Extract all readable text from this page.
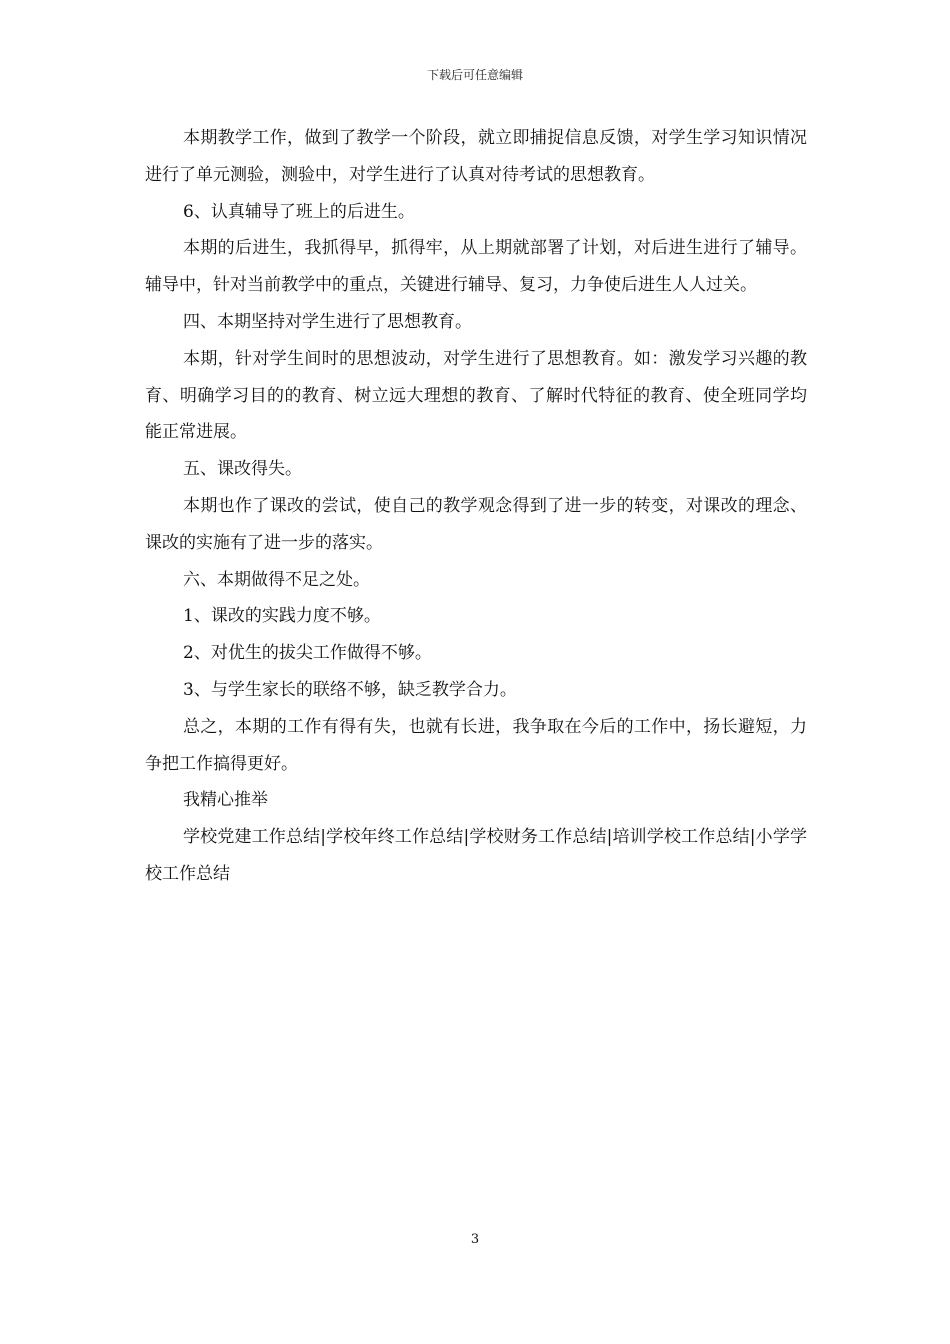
下载后可任意编辑

本期教学工作，做到了教学一个阶段，就立即捕捉信息反馈，对学生学习知识情况进行了单元测验，测验中，对学生进行了认真对待考试的思想教育。

6、认真辅导了班上的后进生。

本期的后进生，我抓得早，抓得牢，从上期就部署了计划，对后进生进行了辅导。辅导中，针对当前教学中的重点，关键进行辅导、复习，力争使后进生人人过关。

四、本期坚持对学生进行了思想教育。

本期，针对学生间时的思想波动，对学生进行了思想教育。如：激发学习兴趣的教育、明确学习目的的教育、树立远大理想的教育、了解时代特征的教育、使全班同学均能正常进展。

五、课改得失。

本期也作了课改的尝试，使自己的教学观念得到了进一步的转变，对课改的理念、课改的实施有了进一步的落实。

六、本期做得不足之处。

1、课改的实践力度不够。

2、对优生的拔尖工作做得不够。

3、与学生家长的联络不够，缺乏教学合力。

总之，本期的工作有得有失，也就有长进，我争取在今后的工作中，扬长避短，力争把工作搞得更好。

我精心推举

学校党建工作总结|学校年终工作总结|学校财务工作总结|培训学校工作总结|小学学校工作总结

3
